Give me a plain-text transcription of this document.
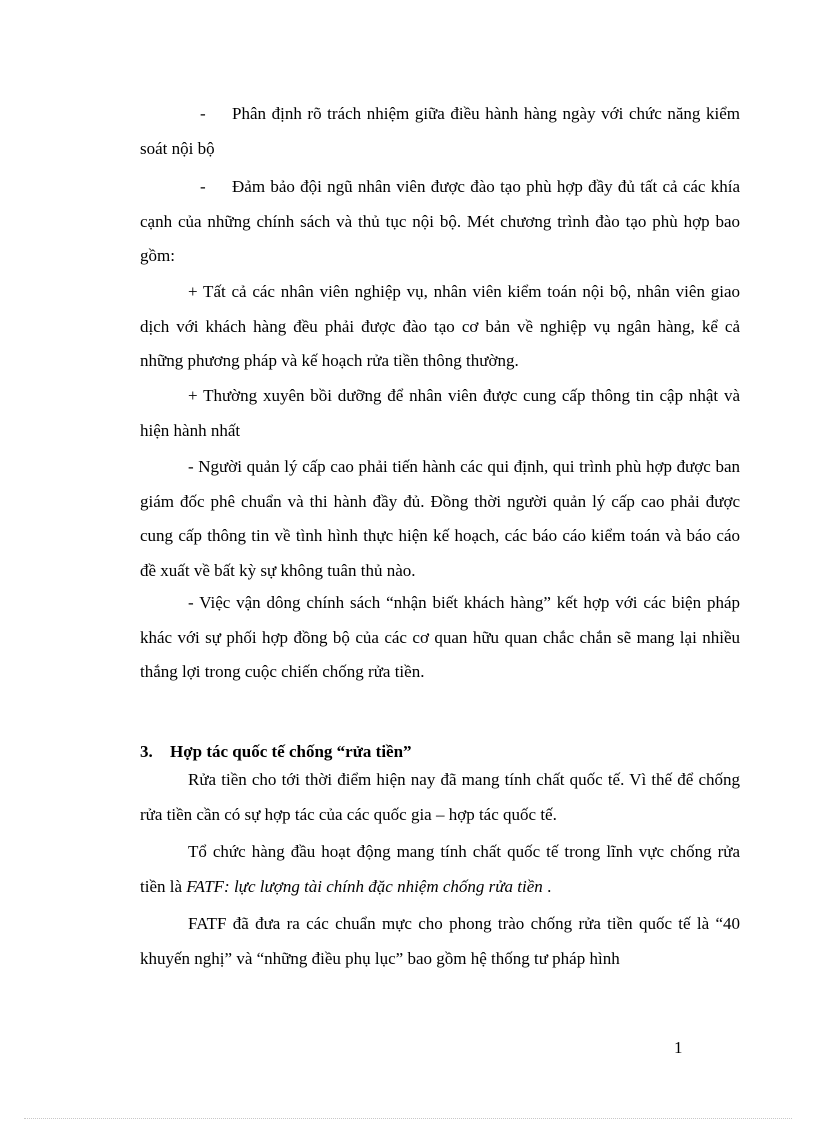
-	Phân định rõ trách nhiệm giữa điều hành hàng ngày với chức năng kiểm soát nội bộ

-	Đảm bảo đội ngũ nhân viên được đào tạo phù hợp đầy đủ tất cả các khía cạnh của những chính sách và thủ tục nội bộ. Mét chương trình đào tạo phù hợp bao gồm:

+ Tất cả các nhân viên nghiệp vụ, nhân viên kiểm toán nội bộ, nhân viên giao dịch với khách hàng đều phải được đào tạo cơ bản về nghiệp vụ ngân hàng, kể cả những phương pháp và kế hoạch rửa tiền thông thường.

+ Thường xuyên bồi dưỡng để nhân viên được cung cấp thông tin cập nhật và hiện hành nhất

- Người quản lý cấp cao phải tiến hành các qui định, qui trình phù hợp được ban giám đốc phê chuẩn và thi hành đầy đủ. Đồng thời người quản lý cấp cao phải được cung cấp thông tin về tình hình thực hiện kế hoạch, các báo cáo kiểm toán và báo cáo đề xuất về bất kỳ sự không tuân thủ nào.

- Việc vận dông chính sách “nhận biết khách hàng” kết hợp với các biện pháp khác với sự phối hợp đồng bộ của các cơ quan hữu quan chắc chắn sẽ mang lại nhiều thắng lợi trong cuộc chiến chống rửa tiền.

3. Hợp tác quốc tế chống “rửa tiền”

Rửa tiền cho tới thời điểm hiện nay đã mang tính chất quốc tế. Vì thế để chống rửa tiền cần có sự hợp tác của các quốc gia – hợp tác quốc tế.

Tổ chức hàng đầu hoạt động mang tính chất quốc tế trong lĩnh vực chống rửa tiền là FATF: lực lượng tài chính đặc nhiệm chống rửa tiền .

FATF đã đưa ra các chuẩn mực cho phong trào chống rửa tiền quốc tế là “40 khuyến nghị” và “những điều phụ lục” bao gồm hệ thống tư pháp hình

1
